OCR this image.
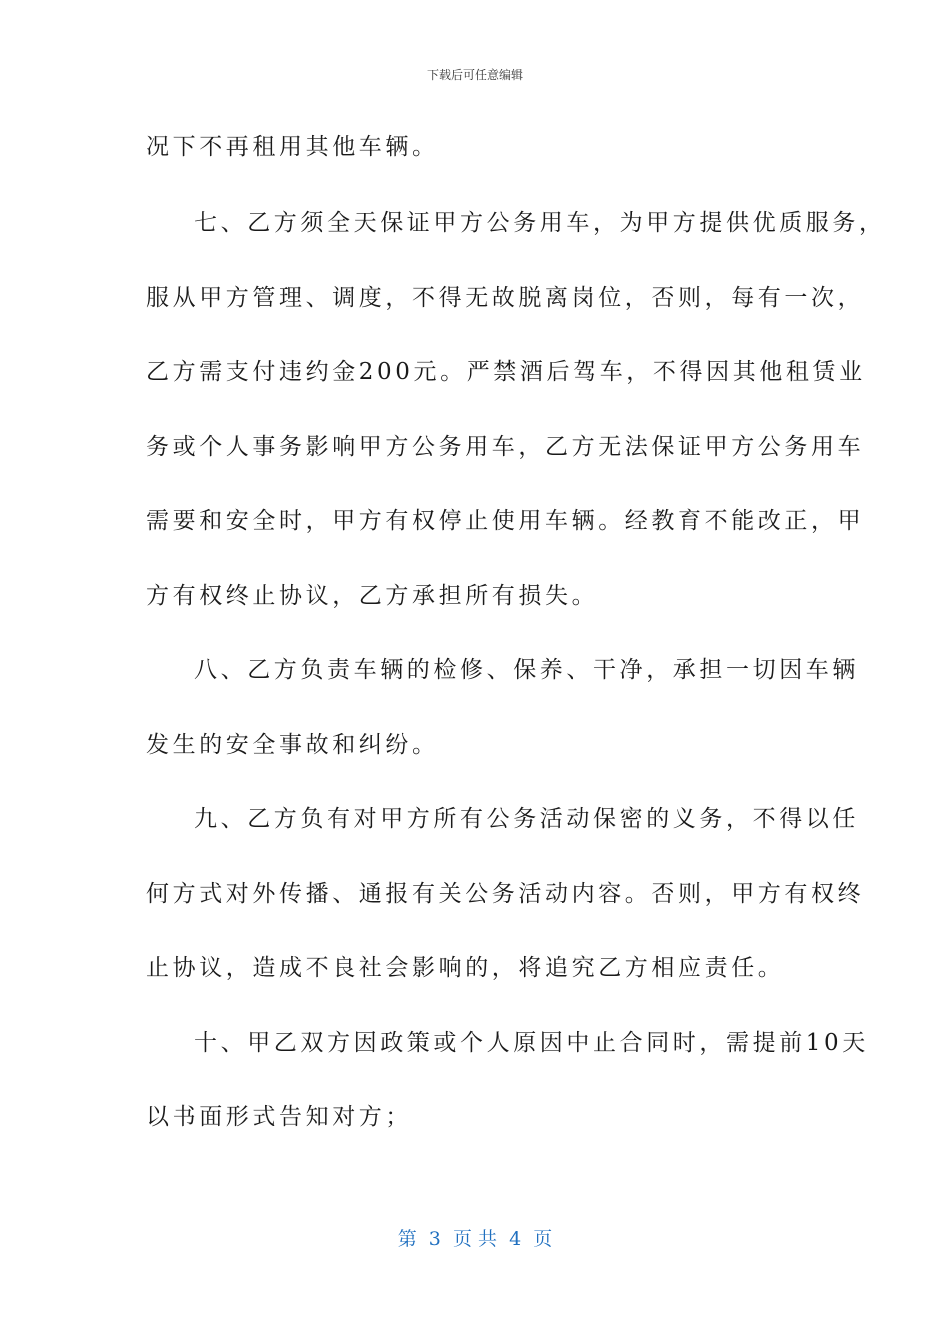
下载后可任意编辑
况下不再租用其他车辆。
七、乙方须全天保证甲方公务用车，为甲方提供优质服务，
服从甲方管理、调度，不得无故脱离岗位，否则，每有一次，
乙方需支付违约金200元。严禁酒后驾车，不得因其他租赁业
务或个人事务影响甲方公务用车，乙方无法保证甲方公务用车
需要和安全时，甲方有权停止使用车辆。经教育不能改正，甲
方有权终止协议，乙方承担所有损失。
八、乙方负责车辆的检修、保养、干净，承担一切因车辆
发生的安全事故和纠纷。
九、乙方负有对甲方所有公务活动保密的义务，不得以任
何方式对外传播、通报有关公务活动内容。否则，甲方有权终
止协议，造成不良社会影响的，将追究乙方相应责任。
十、甲乙双方因政策或个人原因中止合同时，需提前10天
以书面形式告知对方；
第  3  页 共  4  页
